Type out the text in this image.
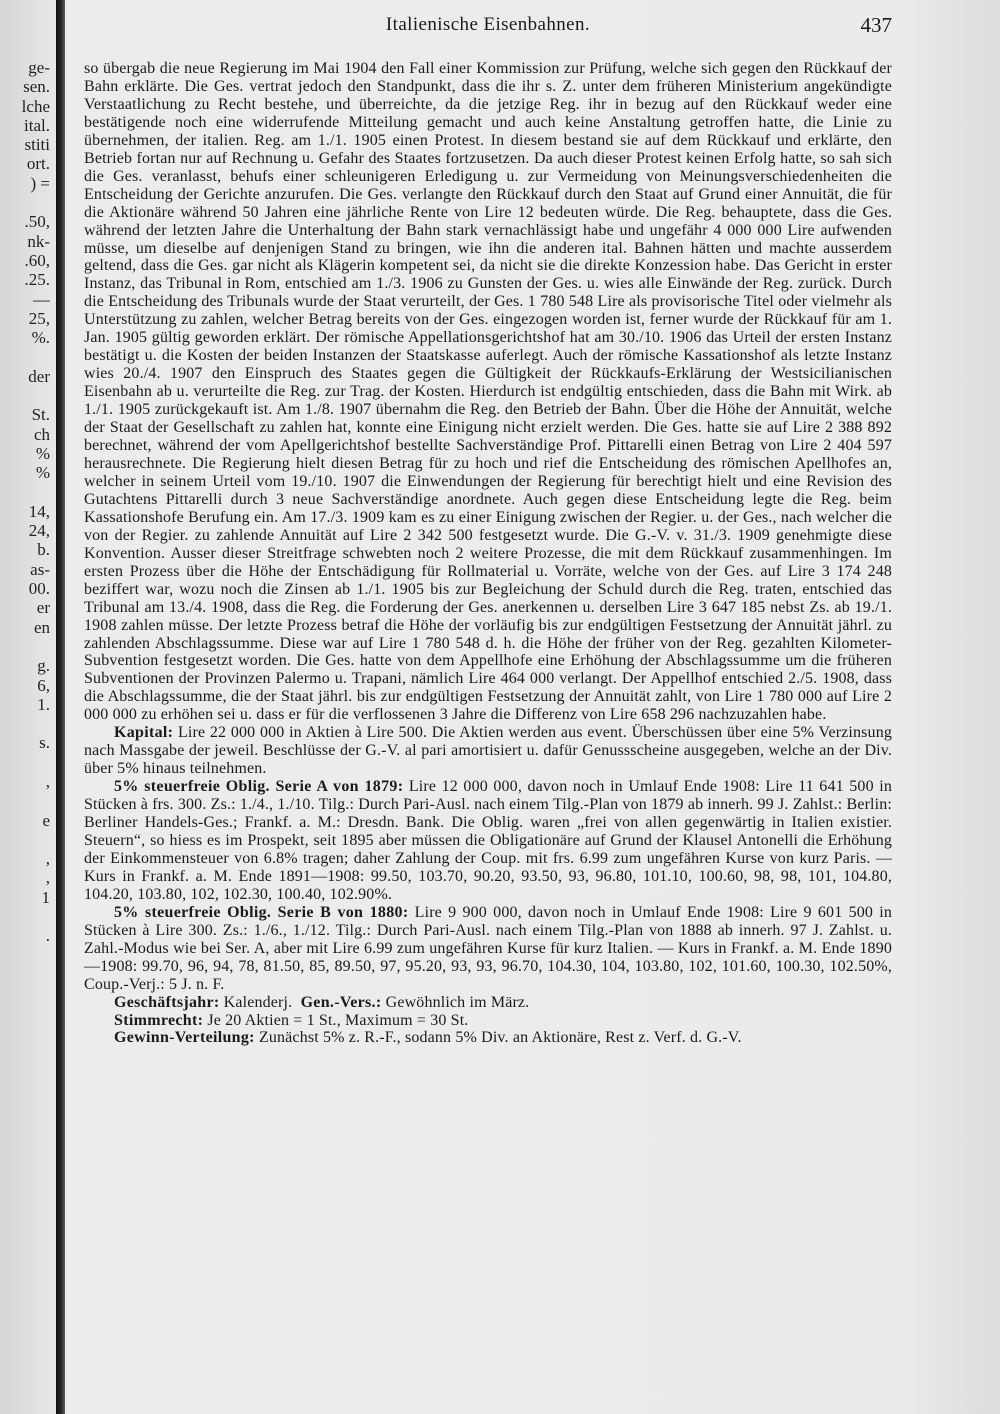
ge-
sen.
lche
ital.
stiti
ort.
) =

.50,
nk-
.60,
.25.
—
25,
%.

der

St.
ch
%
%

14,
24,
b.
as-
00.
er
en

g.
6,
1.

s.

,

e

,
,
1

.
Italienische Eisenbahnen.	437

so übergab die neue Regierung im Mai 1904 den Fall einer Kommission zur Prüfung, welche sich gegen den Rückkauf der Bahn erklärte. Die Ges. vertrat jedoch den Standpunkt, dass die ihr s. Z. unter dem früheren Ministerium angekündigte Verstaatlichung zu Recht bestehe, und überreichte, da die jetzige Reg. ihr in bezug auf den Rückkauf weder eine bestätigende noch eine widerrufende Mitteilung gemacht und auch keine Anstaltung getroffen hatte, die Linie zu übernehmen, der italien. Reg. am 1./1. 1905 einen Protest. In diesem bestand sie auf dem Rückkauf und erklärte, den Betrieb fortan nur auf Rechnung u. Gefahr des Staates fortzusetzen. Da auch dieser Protest keinen Erfolg hatte, so sah sich die Ges. veranlasst, behufs einer schleunigeren Erledigung u. zur Vermeidung von Meinungsverschiedenheiten die Entscheidung der Gerichte anzurufen. Die Ges. verlangte den Rückkauf durch den Staat auf Grund einer Annuität, die für die Aktionäre während 50 Jahren eine jährliche Rente von Lire 12 bedeuten würde. Die Reg. behauptete, dass die Ges. während der letzten Jahre die Unterhaltung der Bahn stark vernachlässigt habe und ungefähr 4 000 000 Lire aufwenden müsse, um dieselbe auf denjenigen Stand zu bringen, wie ihn die anderen ital. Bahnen hätten und machte ausserdem geltend, dass die Ges. gar nicht als Klägerin kompetent sei, da nicht sie die direkte Konzession habe. Das Gericht in erster Instanz, das Tribunal in Rom, entschied am 1./3. 1906 zu Gunsten der Ges. u. wies alle Einwände der Reg. zurück. Durch die Entscheidung des Tribunals wurde der Staat verurteilt, der Ges. 1 780 548 Lire als provisorische Titel oder vielmehr als Unterstützung zu zahlen, welcher Betrag bereits von der Ges. eingezogen worden ist, ferner wurde der Rückkauf für am 1. Jan. 1905 gültig geworden erklärt. Der römische Appellationsgerichtshof hat am 30./10. 1906 das Urteil der ersten Instanz bestätigt u. die Kosten der beiden Instanzen der Staatskasse auferlegt. Auch der römische Kassationshof als letzte Instanz wies 20./4. 1907 den Einspruch des Staates gegen die Gültigkeit der Rückkaufs-Erklärung der Westsicilianischen Eisenbahn ab u. verurteilte die Reg. zur Trag. der Kosten. Hierdurch ist endgültig entschieden, dass die Bahn mit Wirk. ab 1./1. 1905 zurückgekauft ist. Am 1./8. 1907 übernahm die Reg. den Betrieb der Bahn. Über die Höhe der Annuität, welche der Staat der Gesellschaft zu zahlen hat, konnte eine Einigung nicht erzielt werden. Die Ges. hatte sie auf Lire 2 388 892 berechnet, während der vom Apellgerichtshof bestellte Sachverständige Prof. Pittarelli einen Betrag von Lire 2 404 597 herausrechnete. Die Regierung hielt diesen Betrag für zu hoch und rief die Entscheidung des römischen Apellhofes an, welcher in seinem Urteil vom 19./10. 1907 die Einwendungen der Regierung für berechtigt hielt und eine Revision des Gutachtens Pittarelli durch 3 neue Sachverständige anordnete. Auch gegen diese Entscheidung legte die Reg. beim Kassationshofe Berufung ein. Am 17./3. 1909 kam es zu einer Einigung zwischen der Regier. u. der Ges., nach welcher die von der Regier. zu zahlende Annuität auf Lire 2 342 500 festgesetzt wurde. Die G.-V. v. 31./3. 1909 genehmigte diese Konvention. Ausser dieser Streitfrage schwebten noch 2 weitere Prozesse, die mit dem Rückkauf zusammenhingen. Im ersten Prozess über die Höhe der Entschädigung für Rollmaterial u. Vorräte, welche von der Ges. auf Lire 3 174 248 beziffert war, wozu noch die Zinsen ab 1./1. 1905 bis zur Begleichung der Schuld durch die Reg. traten, entschied das Tribunal am 13./4. 1908, dass die Reg. die Forderung der Ges. anerkennen u. derselben Lire 3 647 185 nebst Zs. ab 19./1. 1908 zahlen müsse. Der letzte Prozess betraf die Höhe der vorläufig bis zur endgültigen Festsetzung der Annuität jährl. zu zahlenden Abschlagssumme. Diese war auf Lire 1 780 548 d. h. die Höhe der früher von der Reg. gezahlten Kilometer-Subvention festgesetzt worden. Die Ges. hatte von dem Appellhofe eine Erhöhung der Abschlagssumme um die früheren Subventionen der Provinzen Palermo u. Trapani, nämlich Lire 464 000 verlangt. Der Appellhof entschied 2./5. 1908, dass die Abschlagssumme, die der Staat jährl. bis zur endgültigen Festsetzung der Annuität zahlt, von Lire 1 780 000 auf Lire 2 000 000 zu erhöhen sei u. dass er für die verflossenen 3 Jahre die Differenz von Lire 658 296 nachzuzahlen habe.

Kapital: Lire 22 000 000 in Aktien à Lire 500. Die Aktien werden aus event. Überschüssen über eine 5% Verzinsung nach Massgabe der jeweil. Beschlüsse der G.-V. al pari amortisiert u. dafür Genussscheine ausgegeben, welche an der Div. über 5% hinaus teilnehmen.

5% steuerfreie Oblig. Serie A von 1879: Lire 12 000 000, davon noch in Umlauf Ende 1908: Lire 11 641 500 in Stücken à frs. 300. Zs.: 1./4., 1./10. Tilg.: Durch Pari-Ausl. nach einem Tilg.-Plan von 1879 ab innerh. 99 J. Zahlst.: Berlin: Berliner Handels-Ges.; Frankf. a. M.: Dresdn. Bank. Die Oblig. waren „frei von allen gegenwärtig in Italien existier. Steuern“, so hiess es im Prospekt, seit 1895 aber müssen die Obligationäre auf Grund der Klausel Antonelli die Erhöhung der Einkommensteuer von 6.8% tragen; daher Zahlung der Coup. mit frs. 6.99 zum ungefähren Kurse von kurz Paris. — Kurs in Frankf. a. M. Ende 1891—1908: 99.50, 103.70, 90.20, 93.50, 93, 96.80, 101.10, 100.60, 98, 98, 101, 104.80, 104.20, 103.80, 102, 102.30, 100.40, 102.90%.

5% steuerfreie Oblig. Serie B von 1880: Lire 9 900 000, davon noch in Umlauf Ende 1908: Lire 9 601 500 in Stücken à Lire 300. Zs.: 1./6., 1./12. Tilg.: Durch Pari-Ausl. nach einem Tilg.-Plan von 1888 ab innerh. 97 J. Zahlst. u. Zahl.-Modus wie bei Ser. A, aber mit Lire 6.99 zum ungefähren Kurse für kurz Italien. — Kurs in Frankf. a. M. Ende 1890—1908: 99.70, 96, 94, 78, 81.50, 85, 89.50, 97, 95.20, 93, 93, 96.70, 104.30, 104, 103.80, 102, 101.60, 100.30, 102.50%, Coup.-Verj.: 5 J. n. F.

Geschäftsjahr: Kalenderj. Gen.-Vers.: Gewöhnlich im März.

Stimmrecht: Je 20 Aktien = 1 St., Maximum = 30 St.

Gewinn-Verteilung: Zunächst 5% z. R.-F., sodann 5% Div. an Aktionäre, Rest z. Verf. d. G.-V.
